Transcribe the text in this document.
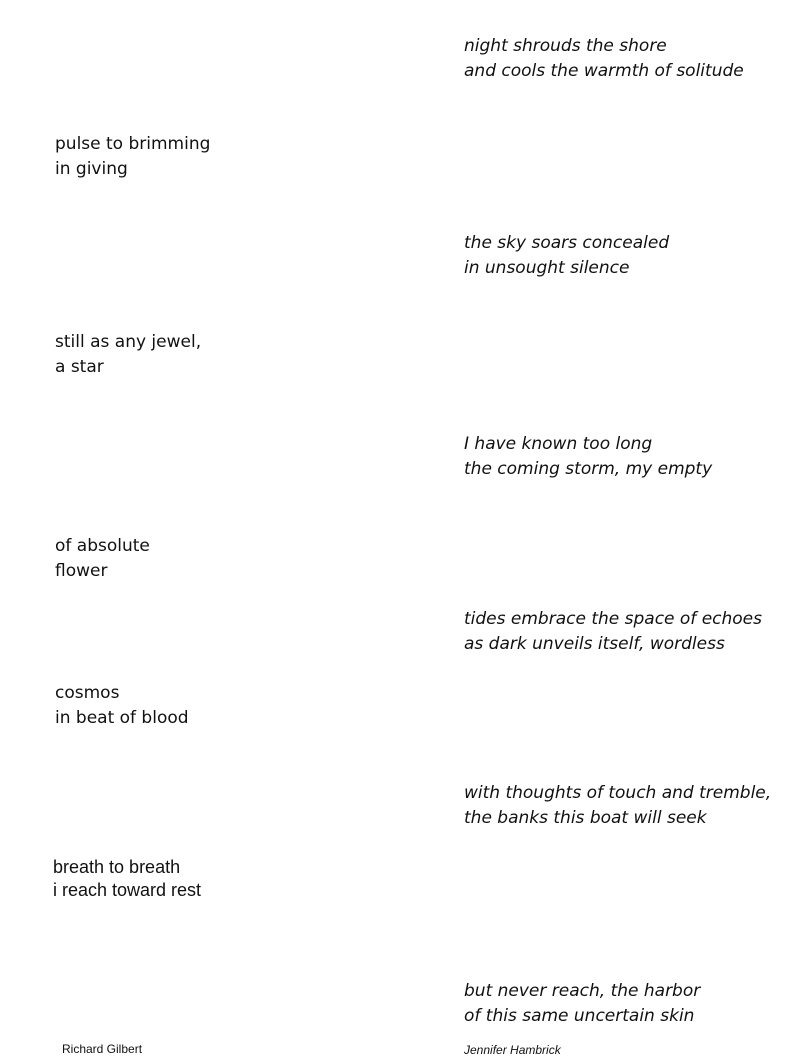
night shrouds the shore
and cools the warmth of solitude
pulse to brimming
in giving
the sky soars concealed
in unsought silence
still as any jewel,
a star
I have known too long
the coming storm, my empty
of absolute
flower
tides embrace the space of echoes
as dark unveils itself, wordless
cosmos
in beat of blood
with thoughts of touch and tremble,
the banks this boat will seek
breath to breath
i reach toward rest
but never reach, the harbor
of this same uncertain skin
Richard Gilbert	Jennifer Hambrick
